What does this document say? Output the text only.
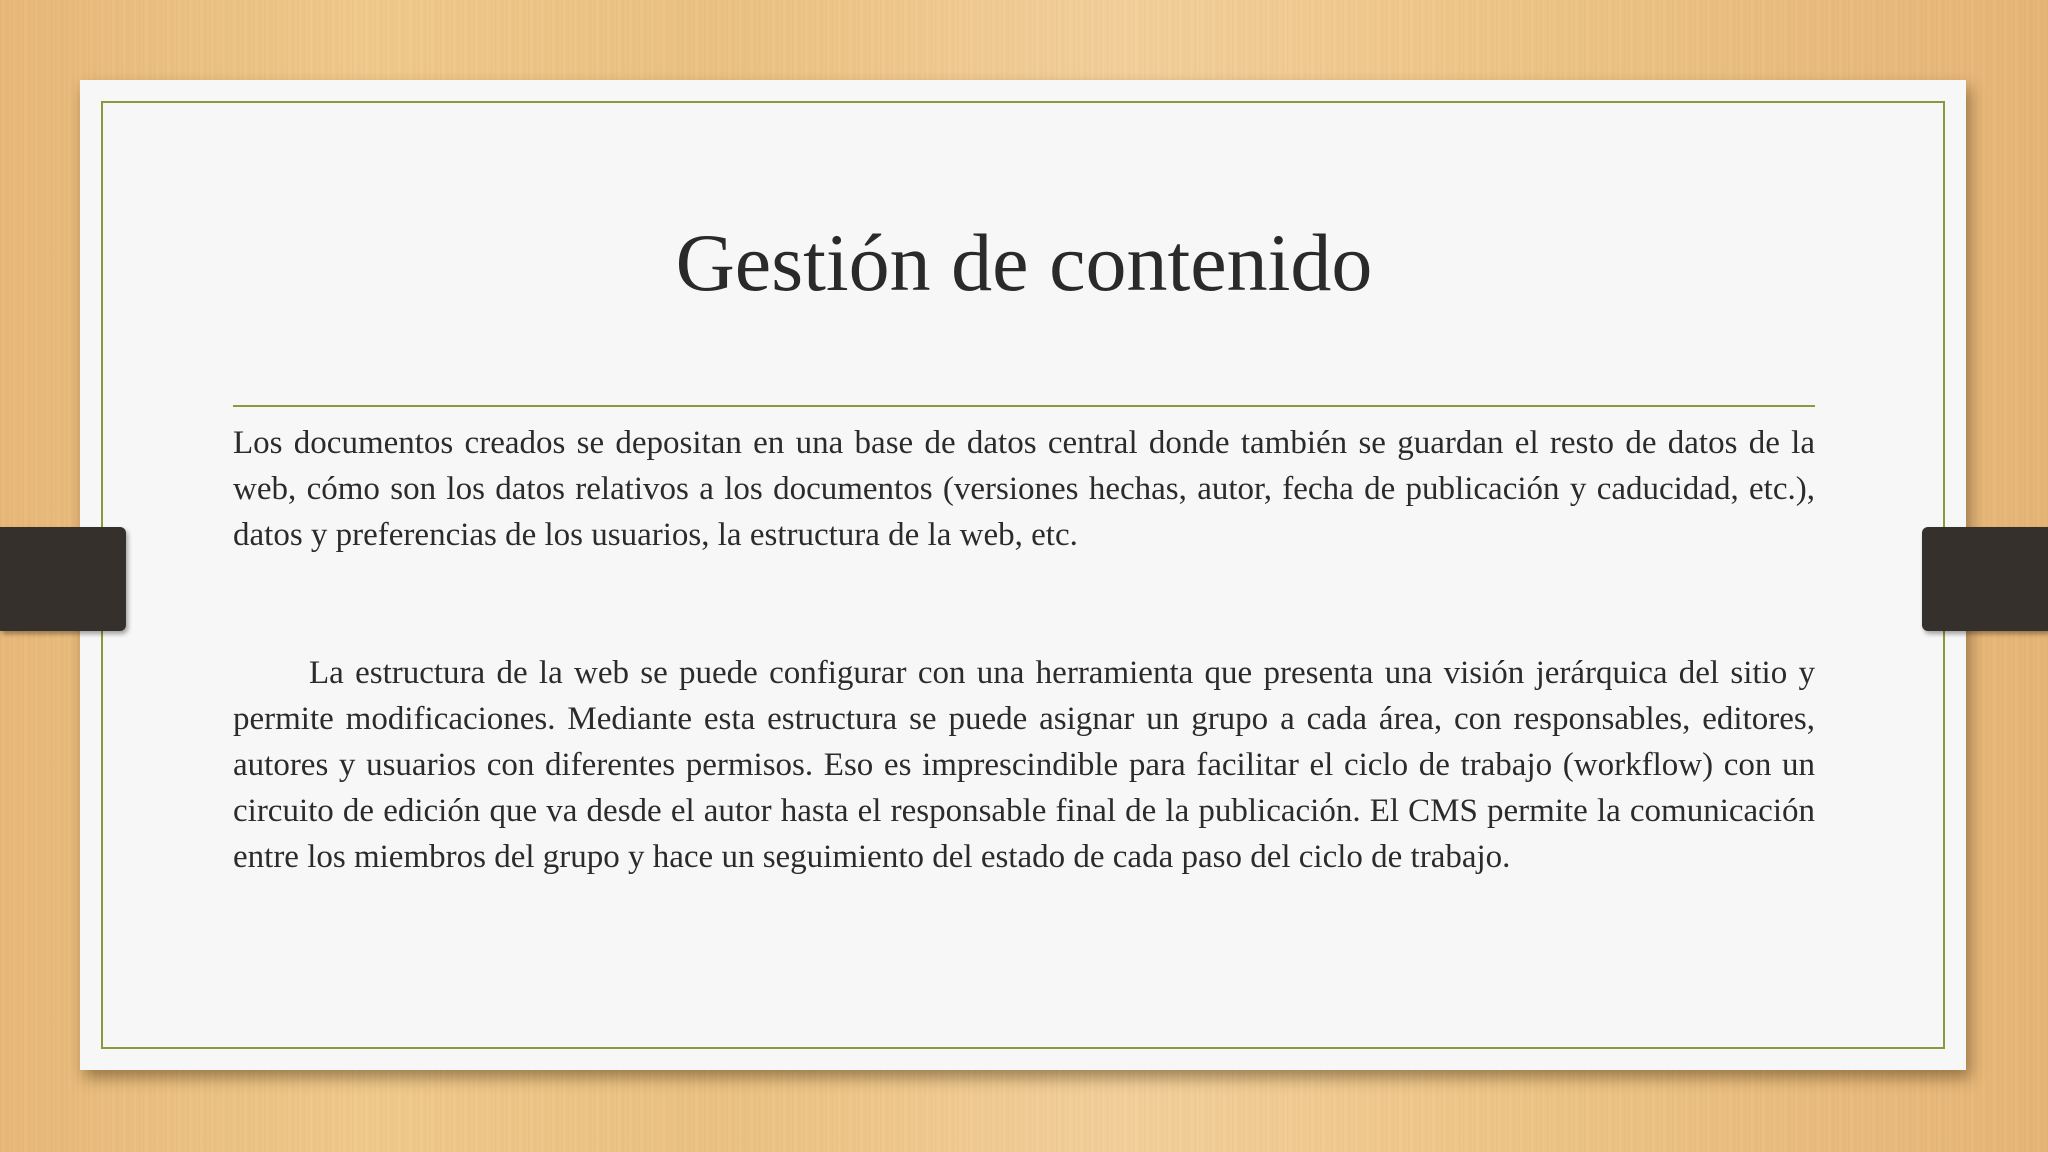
Gestión de contenido

Los documentos creados se depositan en una base de datos central donde también se guardan el resto de datos de la web, cómo son los datos relativos a los documentos (versiones hechas, autor, fecha de publicación y caducidad, etc.), datos y preferencias de los usuarios, la estructura de la web, etc.

La estructura de la web se puede configurar con una herramienta que presenta una visión jerárquica del sitio y permite modificaciones. Mediante esta estructura se puede asignar un grupo a cada área, con responsables, editores, autores y usuarios con diferentes permisos. Eso es imprescindible para facilitar el ciclo de trabajo (workflow) con un circuito de edición que va desde el autor hasta el responsable final de la publicación. El CMS permite la comunicación entre los miembros del grupo y hace un seguimiento del estado de cada paso del ciclo de trabajo.
